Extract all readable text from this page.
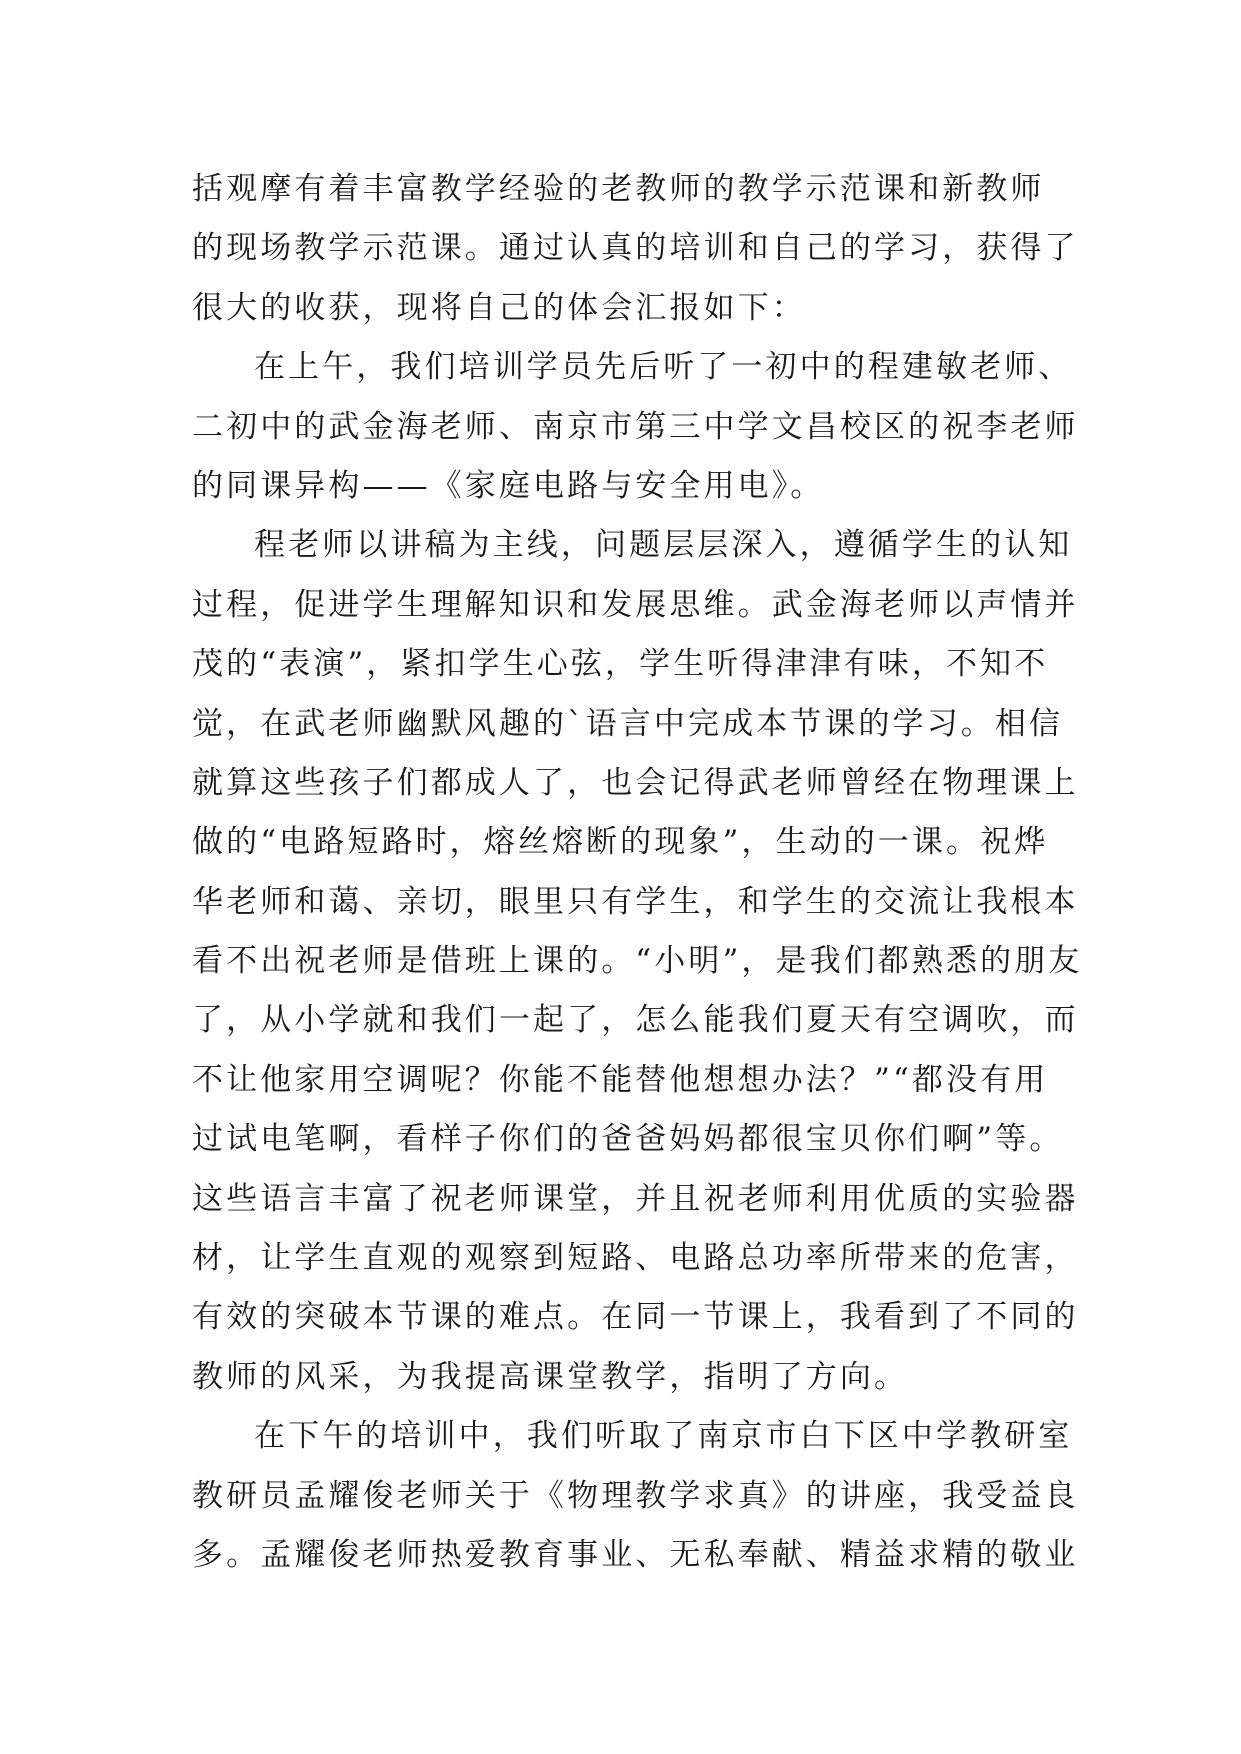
括观摩有着丰富教学经验的老教师的教学示范课和新教师
的现场教学示范课。通过认真的培训和自己的学习，获得了
很大的收获，现将自己的体会汇报如下：
在上午，我们培训学员先后听了一初中的程建敏老师、
二初中的武金海老师、南京市第三中学文昌校区的祝李老师
的同课异构——《家庭电路与安全用电》。
程老师以讲稿为主线，问题层层深入，遵循学生的认知
过程，促进学生理解知识和发展思维。武金海老师以声情并
茂的“表演”，紧扣学生心弦，学生听得津津有味，不知不
觉，在武老师幽默风趣的`语言中完成本节课的学习。相信
就算这些孩子们都成人了，也会记得武老师曾经在物理课上
做的“电路短路时，熔丝熔断的现象”，生动的一课。祝烨
华老师和蔼、亲切，眼里只有学生，和学生的交流让我根本
看不出祝老师是借班上课的。“小明”，是我们都熟悉的朋友
了，从小学就和我们一起了，怎么能我们夏天有空调吹，而
不让他家用空调呢？你能不能替他想想办法？”“都没有用
过试电笔啊，看样子你们的爸爸妈妈都很宝贝你们啊”等。
这些语言丰富了祝老师课堂，并且祝老师利用优质的实验器
材，让学生直观的观察到短路、电路总功率所带来的危害，
有效的突破本节课的难点。在同一节课上，我看到了不同的
教师的风采，为我提高课堂教学，指明了方向。
在下午的培训中，我们听取了南京市白下区中学教研室
教研员孟耀俊老师关于《物理教学求真》的讲座，我受益良
多。孟耀俊老师热爱教育事业、无私奉献、精益求精的敬业
